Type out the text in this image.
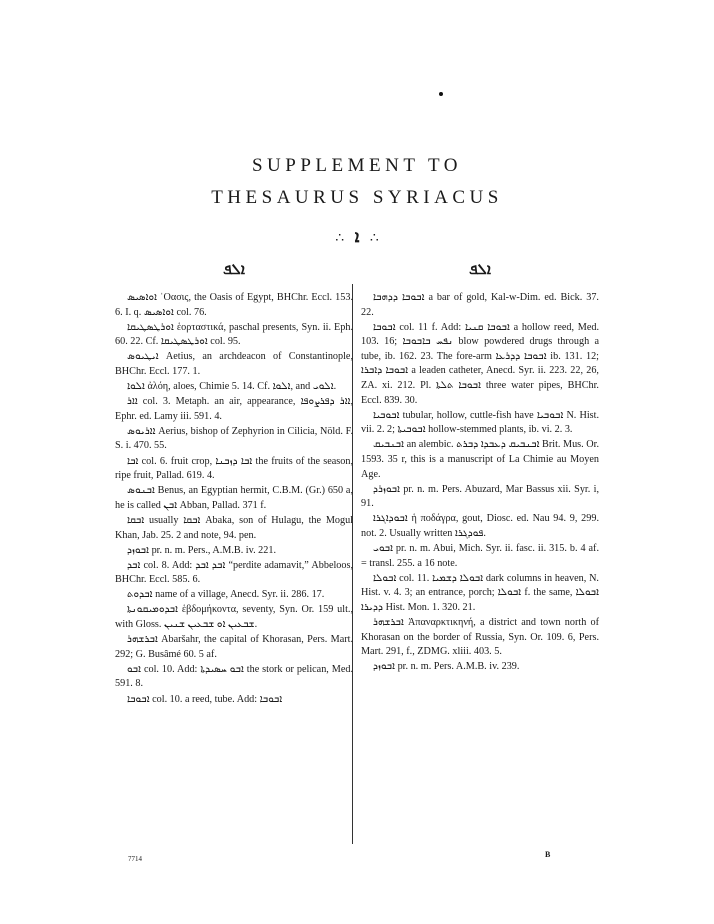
SUPPLEMENT TO
THESAURUS SYRIACUS
∴ ܐ ∴
ܐܠܦ

ܐܘܐܣܝܣ ˈΟασις, the Oasis of Egypt, BHChr. Eccl. 153. 6. I. q. ܐܘܐܣܝܣ col. 76.

ܐܘܪܛܣܛܝܩܐ ἑορταστικά, paschal presents, Syn. ii. Eph. 60. 22. Cf. ܐܘܪܛܣܛܝܩܐ col. 95.

ܐܝܛܝܘܣ Aetius, an archdeacon of Constantinople, BHChr. Eccl. 177. 1.

ܐܠܘܐ ἀλόη, aloes, Chimie 5. 14. Cf. ܐܠܘܐ, and ܐܠܘܝ.

ܐܐܪ col. 3. Metaph. an air, appearance, ܐܐܪ ܕܦܪܨܘܦܐ, Ephr. ed. Lamy iii. 591. 4.

ܐܐܪܝܘܣ Aerius, bishop of Zephyrion in Cilicia, Nöld. F. S. i. 470. 55.

ܐܒܐ col. 6. fruit crop, ܐܒܐ ܕܙܒܢܐ the fruits of the season, ripe fruit, Pallad. 619. 4.

ܐܒܢܘܣ Benus, an Egyptian hermit, C.B.M. (Gr.) 650 a, he is called ܐܒܢ Abban, Pallad. 371 f.

ܐܒܩܐ usually ܐܒܩܐ Abaka, son of Hulagu, the Mogul Khan, Jab. 25. 2 and note, 94. pen.

ܐܒܘܙܕ pr. n. m. Pers., A.M.B. iv. 221.

ܐܒܕ col. 8. Add: ܐܒܕ ܐܒܕ “perdite adamavit,” Abbeloos, BHChr. Eccl. 585. 6.

ܐܒܕܘܬ name of a village, Anecd. Syr. ii. 286. 17.

ܐܒܕܘܡܝܩܘܢܬܐ ἑβδομήκοντα, seventy, Syn. Or. 159 ult., with Gloss. ܫܒܥܝܢ ܐܘ ܫܒܥܝܢ ܫܢܝܢ.

ܐܒܪܫܗܪ Abaršahr, the capital of Khorasan, Pers. Mart. 292; G. Busâmé 60. 5 af.

ܐܒܘ col. 10. Add: ܐܒܘ ܚܣܝܕܬܐ the stork or pelican, Med. 591. 8.

ܐܒܘܒܐ col. 10. a reed, tube. Add: ܐܒܘܒܐ

ܐܠܦ

ܐܒܘܒܐ ܕܕܗܒܐ a bar of gold, Kal-w-Dim. ed. Bick. 37. 22.

ܐܒܘܒܐ col. 11 f. Add: ܐܒܘܒܐ ܩܢܝܐ a hollow reed, Med. 103. 16; ܢܦܚ ܒܐܒܘܒܐ blow powdered drugs through a tube, ib. 162. 23. The fore-arm ܐܒܘܒܐ ܕܕܪܥܐ ib. 131. 12; ܐܒܘܒܐ ܕܐܒܪܐ a leaden catheter, Anecd. Syr. ii. 223. 22, 26, ZA. xi. 212. Pl. ܐܒܘܒܐ ܬܠܬܐ three water pipes, BHChr. Eccl. 839. 30.

ܐܒܘܒܝܐ tubular, hollow, cuttle-fish have ܐܒܘܒܝܐ N. Hist. vii. 2. 2; ܐܒܘܒܝܬܐ hollow-stemmed plants, ib. vi. 2. 3.

ܐܒܢܒܝܩ an alembic. ܐܒܢܒܝܩ ܕܥܒܕܐ ܕܒܪܬ Brit. Mus. Or. 1593. 35 r, this is a manuscript of La Chimie au Moyen Age.

ܐܒܘܙܪܕ pr. n. m. Pers. Abuzard, Mar Bassus xii. Syr. i, 91.

ܐܒܘܕܐܓܪܐ ἡ ποδάγρα, gout, Diosc. ed. Nau 94. 9, 299. not. 2. Usually written ܦܘܕܓܪܐ.

ܐܒܘܝ pr. n. m. Abui, Mich. Syr. ii. fasc. ii. 315. b. 4 af. = transl. 255. a 16 note.

ܐܒܘܠܐ col. 11. ܐܒܘܠܐ ܕܫܡܝܐ dark columns in heaven, N. Hist. v. 4. 3; an entrance, porch; ܐܒܘܠܐ f. the same, ܐܒܘܠܐ ܕܕܝܪܐ Hist. Mon. 1. 320. 21.

ܐܒܪܫܗܪ Ἀπαναρκτικηνή, a district and town north of Khorasan on the border of Russia, Syn. Or. 109. 6, Pers. Mart. 291, f., ZDMG. xliii. 403. 5.

ܐܒܘܙܕ pr. n. m. Pers. A.M.B. iv. 239.

7714	B
